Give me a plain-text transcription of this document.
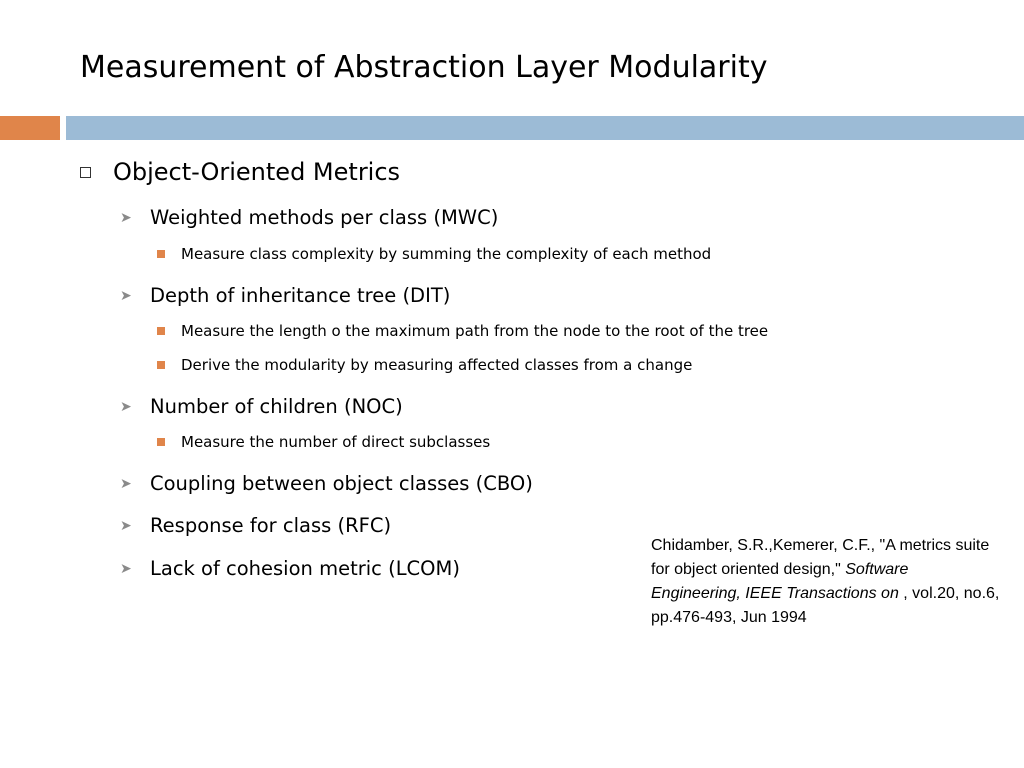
Measurement of Abstraction Layer Modularity
Object-Oriented Metrics
➤ Weighted methods per class (MWC)
Measure class complexity by summing the complexity of each method
➤ Depth of inheritance tree (DIT)
Measure the length o the maximum path from the node to the root of the tree
Derive the modularity by measuring affected classes from a change
➤ Number of children (NOC)
Measure the number of direct subclasses
➤ Coupling between object classes (CBO)
➤ Response for class (RFC)
➤ Lack of cohesion metric (LCOM)
Chidamber, S.R.,Kemerer, C.F., "A metrics suite for object oriented design," Software Engineering, IEEE Transactions on , vol.20, no.6, pp.476-493, Jun 1994
